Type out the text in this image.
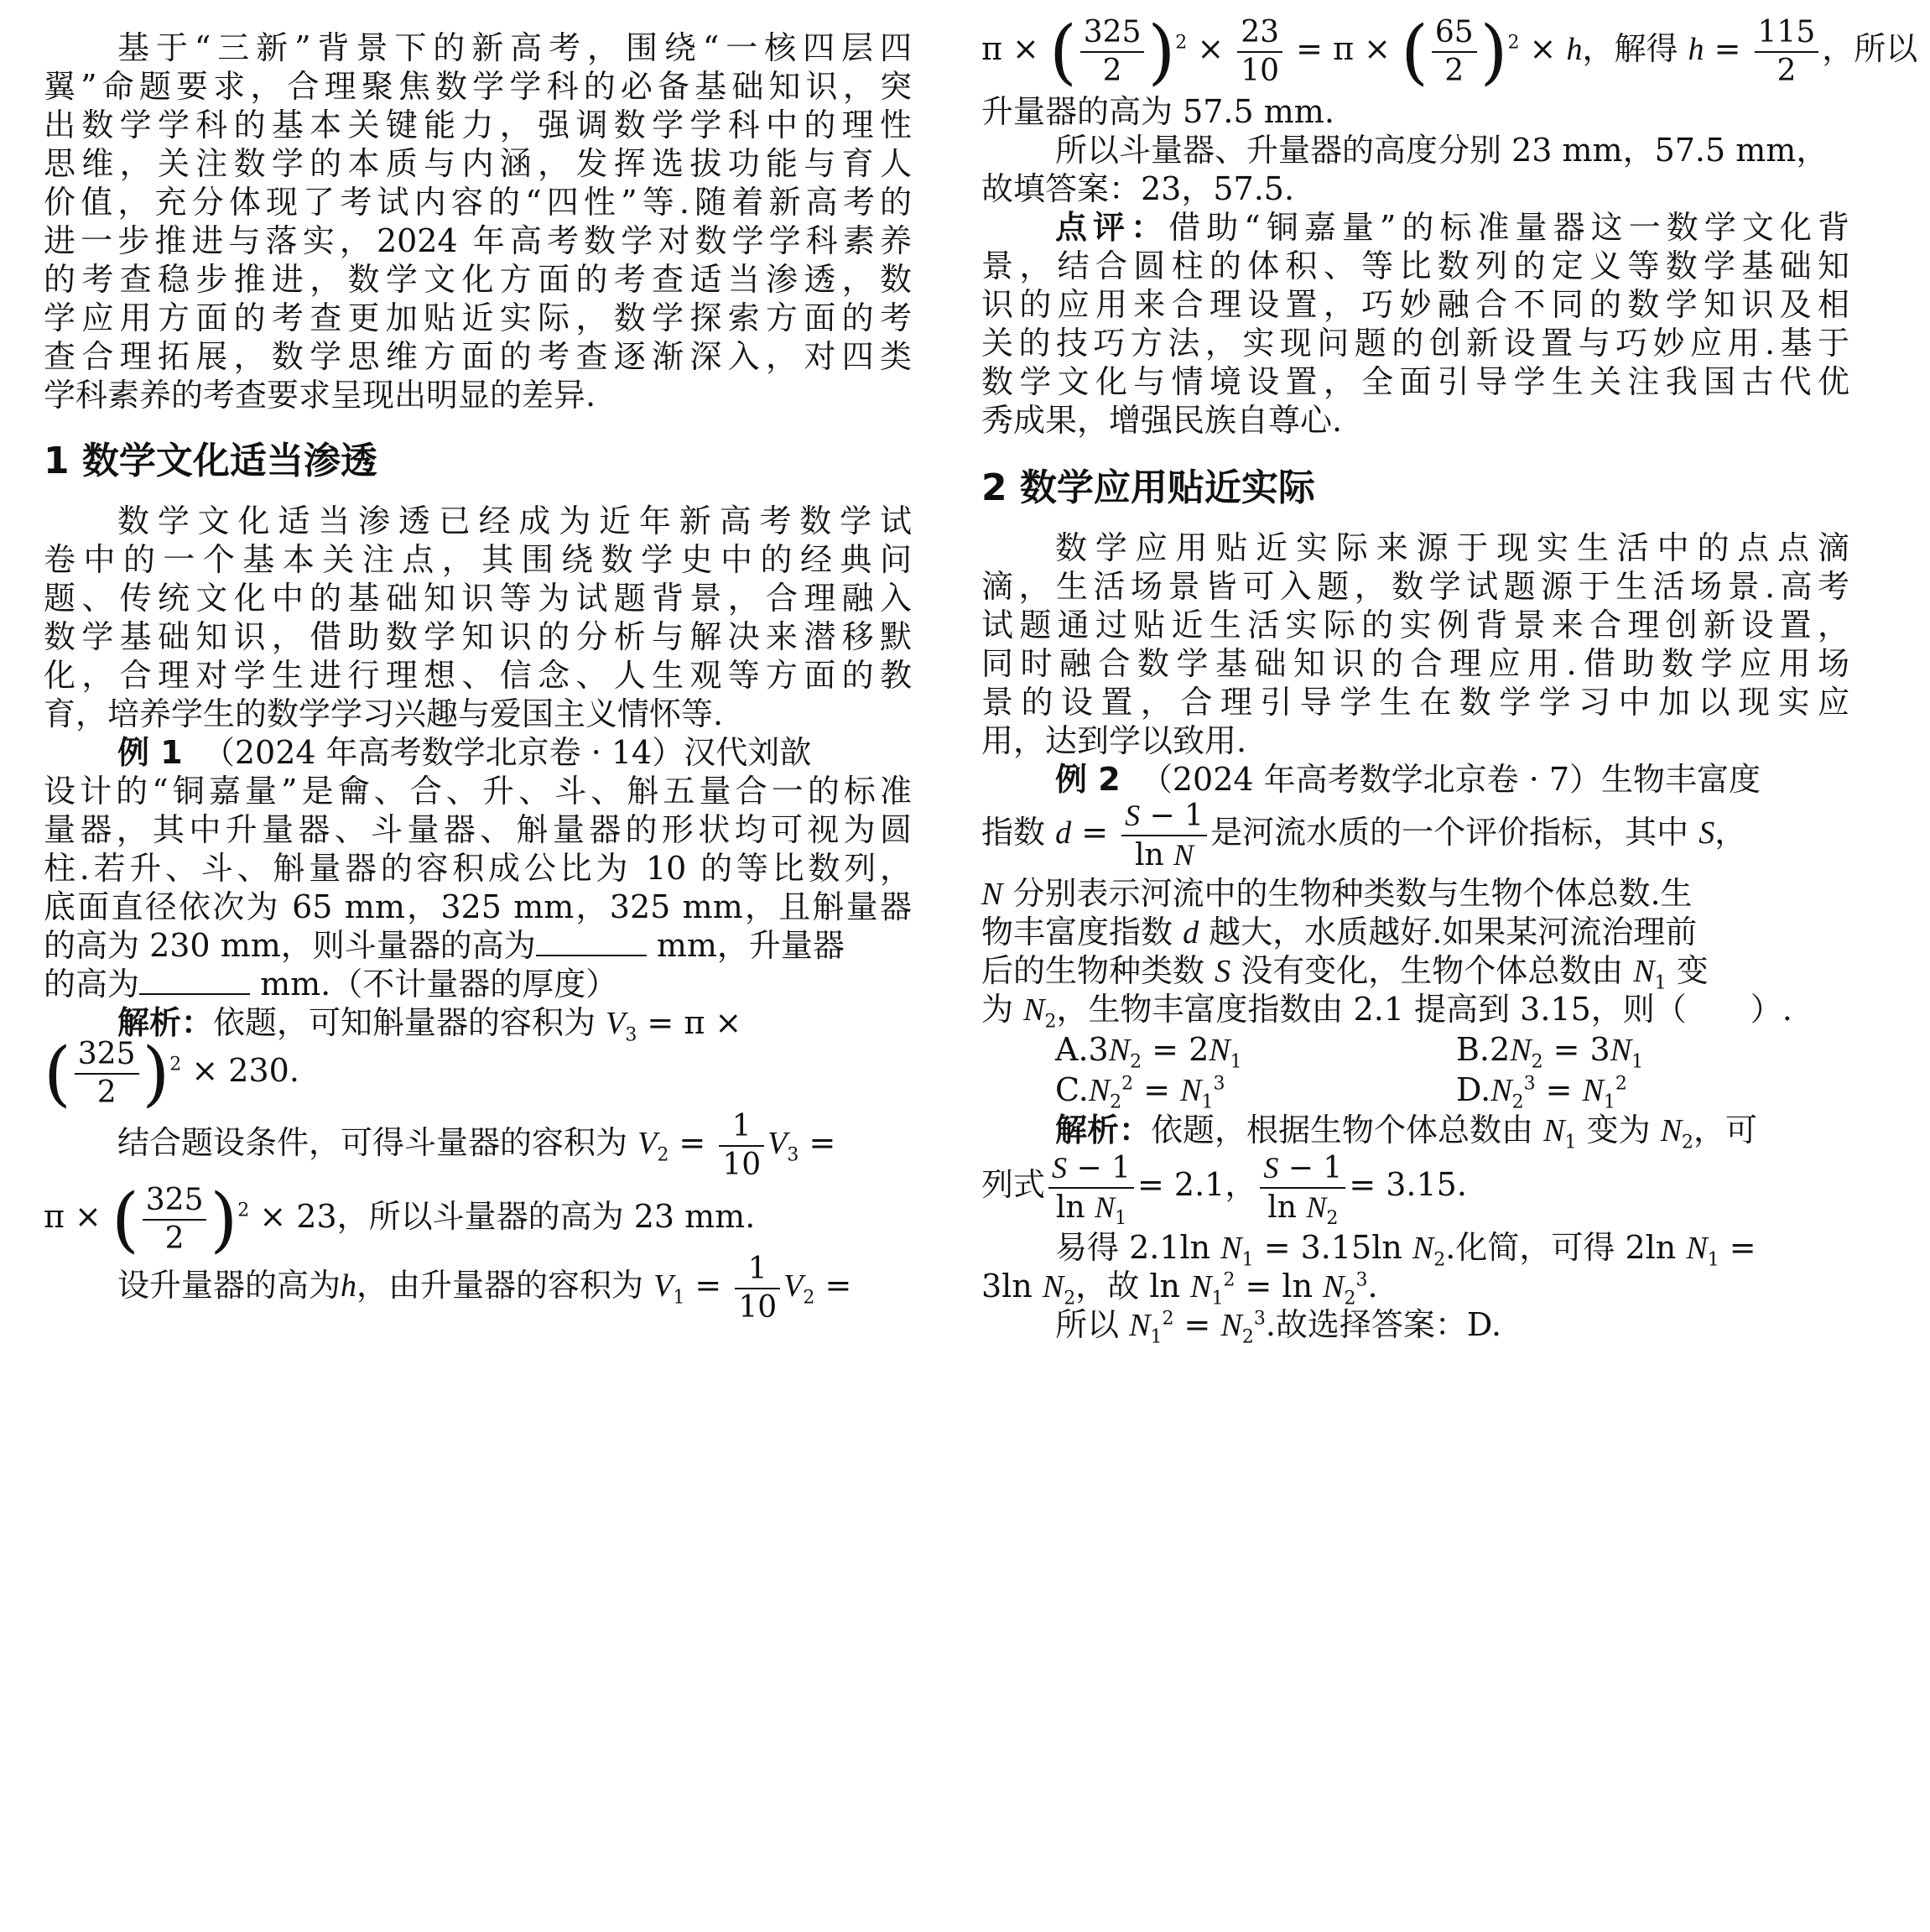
基于“三新”背景下的新高考，围绕“一核四层四
翼”命题要求，合理聚焦数学学科的必备基础知识，突
出数学学科的基本关键能力，强调数学学科中的理性
思维，关注数学的本质与内涵，发挥选拔功能与育人
价值，充分体现了考试内容的“四性”等.随着新高考的
进一步推进与落实，2024 年高考数学对数学学科素养
的考查稳步推进，数学文化方面的考查适当渗透，数
学应用方面的考查更加贴近实际，数学探索方面的考
查合理拓展，数学思维方面的考查逐渐深入，对四类
学科素养的考查要求呈现出明显的差异.
1 数学文化适当渗透
数学文化适当渗透已经成为近年新高考数学试
卷中的一个基本关注点，其围绕数学史中的经典问
题、传统文化中的基础知识等为试题背景，合理融入
数学基础知识，借助数学知识的分析与解决来潜移默
化，合理对学生进行理想、信念、人生观等方面的教
育，培养学生的数学学习兴趣与爱国主义情怀等.
例 1 （2024 年高考数学北京卷 · 14）汉代刘歆
设计的“铜嘉量”是龠、合、升、斗、斛五量合一的标准
量器，其中升量器、斗量器、斛量器的形状均可视为圆
柱.若升、斗、斛量器的容积成公比为 10 的等比数列，
底面直径依次为 65 mm，325 mm，325 mm，且斛量器
的高为 230 mm，则斗量器的高为	mm，升量器
的高为	mm.（不计量器的厚度）
解析：依题，可知斛量器的容积为 $V_3 = \pi$ ×
( $\frac{325}{2} )^2 \times 230$.
结合题设条件，可得斗量器的容积为 $V_2 = \frac{1}{10} V_3$ =
π × ( $\frac{325}{2} )^2 \times 23$，所以斗量器的高为 23 mm.
设升量器的高为h，由升量器的容积为 $V_1 = \frac{1}{10} V_2$ =
π × ( $\frac{325}{2} )^2 \times \frac{23}{10} = \pi$ × ( $\frac{65}{2} )^2 \times h$，解得 $h = \frac{115}{2}$ ，所以
升量器的高为 57.5 mm.
所以斗量器、升量器的高度分别 23 mm，57.5 mm，
故填答案：23，57.5.
点评：借助“铜嘉量”的标准量器这一数学文化背
景，结合圆柱的体积、等比数列的定义等数学基础知
识的应用来合理设置，巧妙融合不同的数学知识及相
关的技巧方法，实现问题的创新设置与巧妙应用.基于
数学文化与情境设置，全面引导学生关注我国古代优
秀成果，增强民族自尊心.
2 数学应用贴近实际
数学应用贴近实际来源于现实生活中的点点滴
滴，生活场景皆可入题，数学试题源于生活场景.高考
试题通过贴近生活实际的实例背景来合理创新设置，
同时融合数学基础知识的合理应用.借助数学应用场
景的设置，合理引导学生在数学学习中加以现实应
用，达到学以致用.
例 2 （2024 年高考数学北京卷 · 7）生物丰富度
指数 $d = \frac{S - 1}{\text{ln N}}$ 是河流水质的一个评价指标，其中 S，
N 分别表示河流中的生物种类数与生物个体总数.生
物丰富度指数 d 越大，水质越好.如果某河流治理前
后的生物种类数 S 没有变化，生物个体总数由 $N_1$ 变
为 $N_2$，生物丰富度指数由 2.1 提高到 3.15，则（　　）.
$A.3N_2 = 2N_1$	$B.2N_2 = 3N_1$
$C.N_2^2 = N_1^3$	$D.N_2^3 = N_1^2$
解析：依题，根据生物个体总数由 $N_1$ 变为 $N_2$，可
列式 $\frac{S - 1}{\ln N_1} = 2.1$， $\frac{S - 1}{\ln N_2} = 3.15$.
易得 2.1ln $N_1 = 3.15\ln$ $N_2$.化简，可得 2ln $N_1$ =
3ln $N_2$，故 $\ln N_1^2 = \ln N_2^3$.
所以 $N_1^2 = N_2^3$.故选择答案：D.
